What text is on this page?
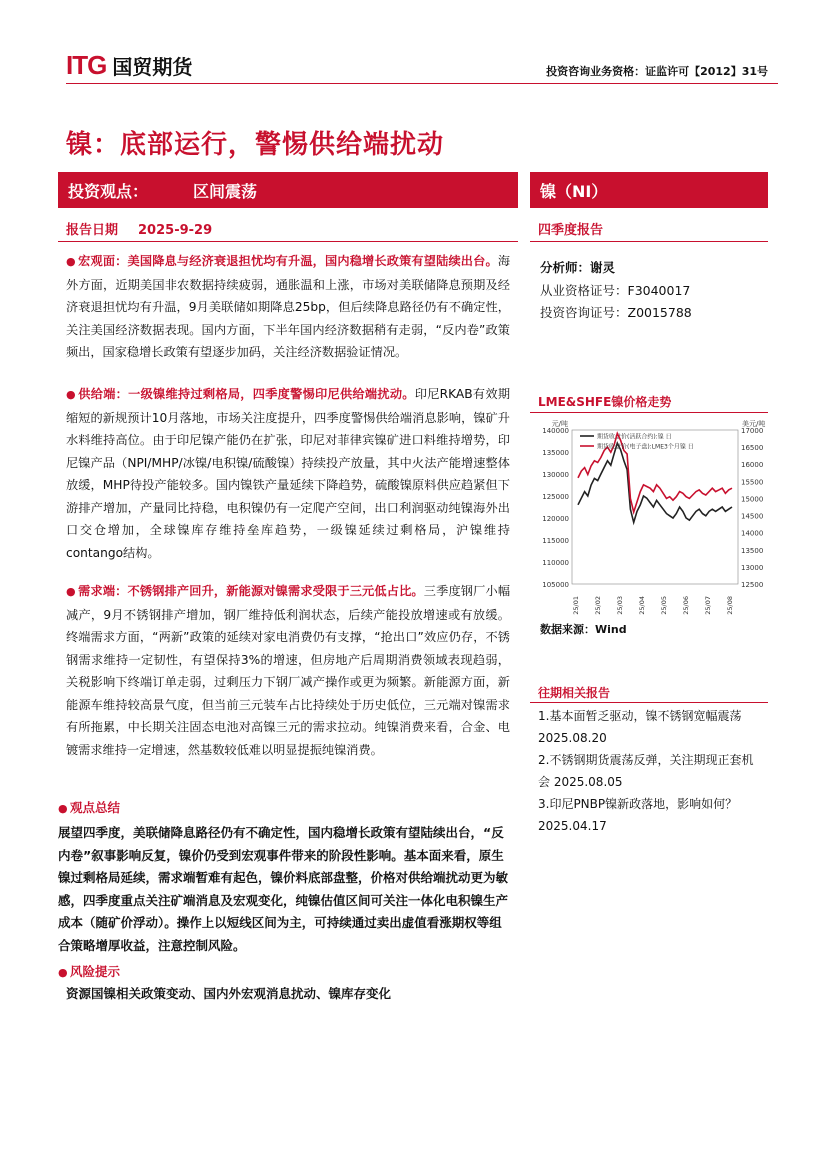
ITG 国贸期货	投资咨询业务资格：证监许可【2012】31号
镍：底部运行，警惕供给端扰动
投资观点：	区间震荡	镍（NI）
报告日期 2025-9-29	四季度报告
分析师：谢灵
从业资格证号：F3040017
投资咨询证号：Z0015788
● 宏观面：美国降息与经济衰退担忧均有升温，国内稳增长政策有望陆续出台。海外方面，近期美国非农数据持续疲弱，通胀温和上涨，市场对美联储降息预期及经济衰退担忧均有升温，9月美联储如期降息25bp，但后续降息路径仍有不确定性，关注美国经济数据表现。国内方面，下半年国内经济数据稍有走弱，“反内卷”政策频出，国家稳增长政策有望逐步加码，关注经济数据验证情况。
● 供给端：一级镍维持过剩格局，四季度警惕印尼供给端扰动。印尼RKAB有效期缩短的新规预计10月落地，市场关注度提升，四季度警惕供给端消息影响，镍矿升水料维持高位。由于印尼镍产能仍在扩张，印尼对菲律宾镍矿进口料维持增势，印尼镍产品（NPI/MHP/冰镍/电积镍/硫酸镍）持续投产放量，其中火法产能增速整体放缓，MHP待投产能较多。国内镍铁产量延续下降趋势，硫酸镍原料供应趋紧但下游排产增加，产量同比持稳，电积镍仍有一定爬产空间，出口利润驱动纯镍海外出口交仓增加，全球镍库存维持垒库趋势，一级镍延续过剩格局，沪镍维持contango结构。
● 需求端：不锈钢排产回升，新能源对镍需求受限于三元低占比。三季度钢厂小幅减产，9月不锈钢排产增加，钢厂维持低利润状态，后续产能投放增速或有放缓。终端需求方面，“两新”政策的延续对家电消费仍有支撑，“抢出口”效应仍存，不锈钢需求维持一定韧性，有望保持3%的增速，但房地产后周期消费领域表现趋弱，关税影响下终端订单走弱，过剩压力下钢厂减产操作或更为频繁。新能源方面，新能源车维持较高景气度，但当前三元装车占比持续处于历史低位，三元端对镍需求有所拖累，中长期关注固态电池对高镍三元的需求拉动。纯镍消费来看，合金、电镀需求维持一定增速，然基数较低难以明显提振纯镍消费。
● 观点总结
展望四季度，美联储降息路径仍有不确定性，国内稳增长政策有望陆续出台，“反内卷”叙事影响反复，镍价仍受到宏观事件带来的阶段性影响。基本面来看，原生镍过剩格局延续，需求端暂难有起色，镍价料底部盘整，价格对供给端扰动更为敏感，四季度重点关注矿端消息及宏观变化，纯镍估值区间可关注一体化电积镍生产成本（随矿价浮动）。操作上以短线区间为主，可持续通过卖出虚值看涨期权等组合策略增厚收益，注意控制风险。
● 风险提示
资源国镍相关政策变动、国内外宏观消息扰动、镍库存变化
LME&SHFE镍价格走势
元/吨	美元/吨
140000
135000
130000
125000
120000
115000
110000
105000
17000
16500
16000
15500
15000
14500
14000
13500
13000
12500
25/01 25/02 25/03 25/04 25/05 25/06 25/07 25/08
期货收盘价(活跃合约):镍 日
期货收盘价(电子盘):LME3个月镍 日
数据来源：Wind
往期相关报告
1.基本面暂乏驱动，镍不锈钢宽幅震荡 2025.08.20
2.不锈钢期货震荡反弹，关注期现正套机会 2025.08.05
3.印尼PNBP镍新政落地，影响如何？2025.04.17
